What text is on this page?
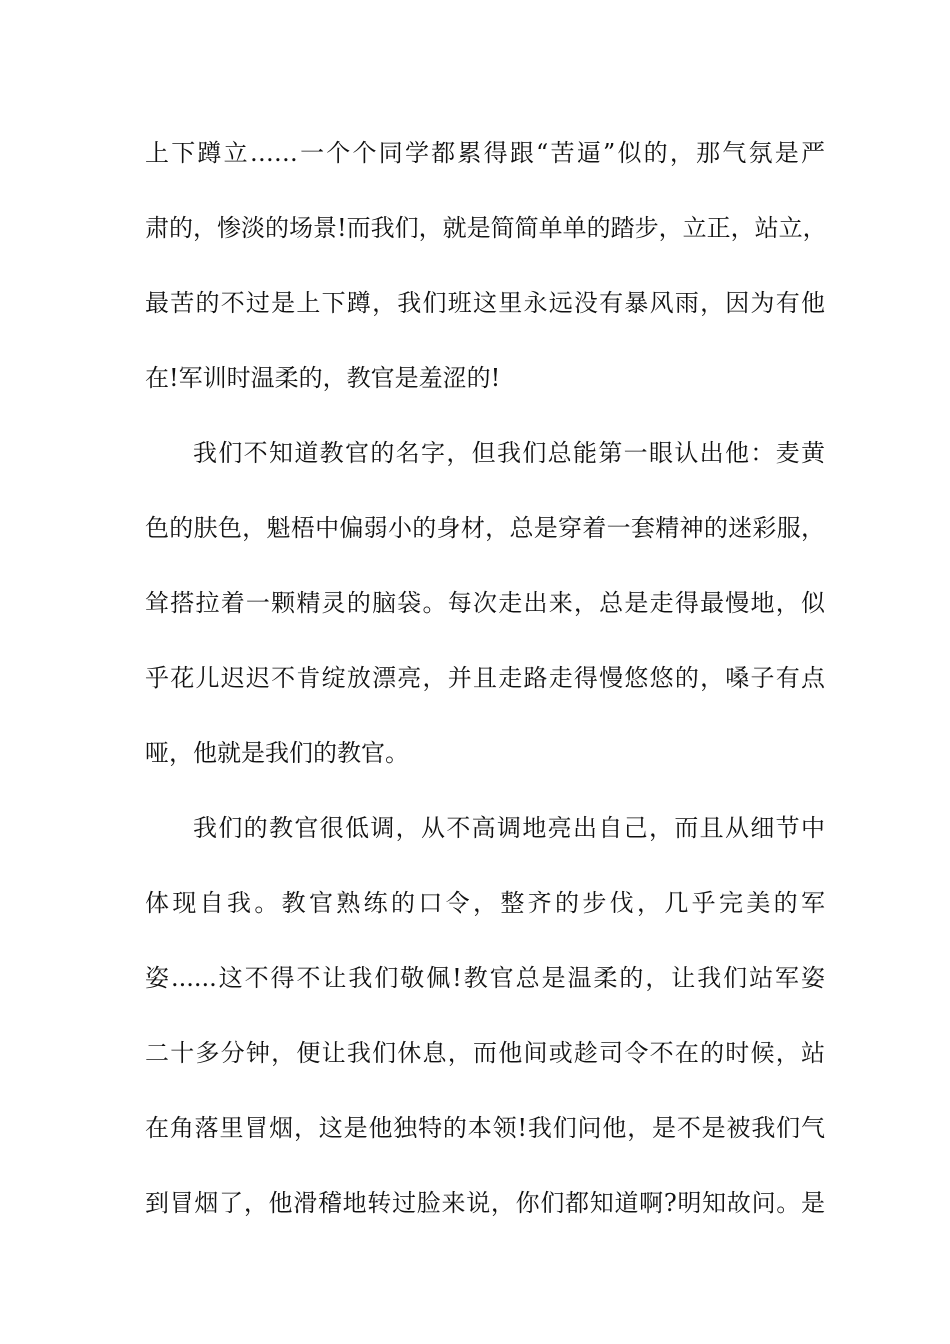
上下蹲立……一个个同学都累得跟“苦逼”似的，那气氛是严
肃的，惨淡的场景!而我们，就是简简单单的踏步，立正，站立，
最苦的不过是上下蹲，我们班这里永远没有暴风雨，因为有他
在!军训时温柔的，教官是羞涩的!
我们不知道教官的名字，但我们总能第一眼认出他：麦黄
色的肤色，魁梧中偏弱小的身材，总是穿着一套精神的迷彩服，
耸搭拉着一颗精灵的脑袋。每次走出来，总是走得最慢地，似
乎花儿迟迟不肯绽放漂亮，并且走路走得慢悠悠的，嗓子有点
哑，他就是我们的教官。
我们的教官很低调，从不高调地亮出自己，而且从细节中
体现自我。教官熟练的口令，整齐的步伐，几乎完美的军
姿......这不得不让我们敬佩!教官总是温柔的，让我们站军姿
二十多分钟，便让我们休息，而他间或趁司令不在的时候，站
在角落里冒烟，这是他独特的本领!我们问他，是不是被我们气
到冒烟了，他滑稽地转过脸来说，你们都知道啊?明知故问。是
